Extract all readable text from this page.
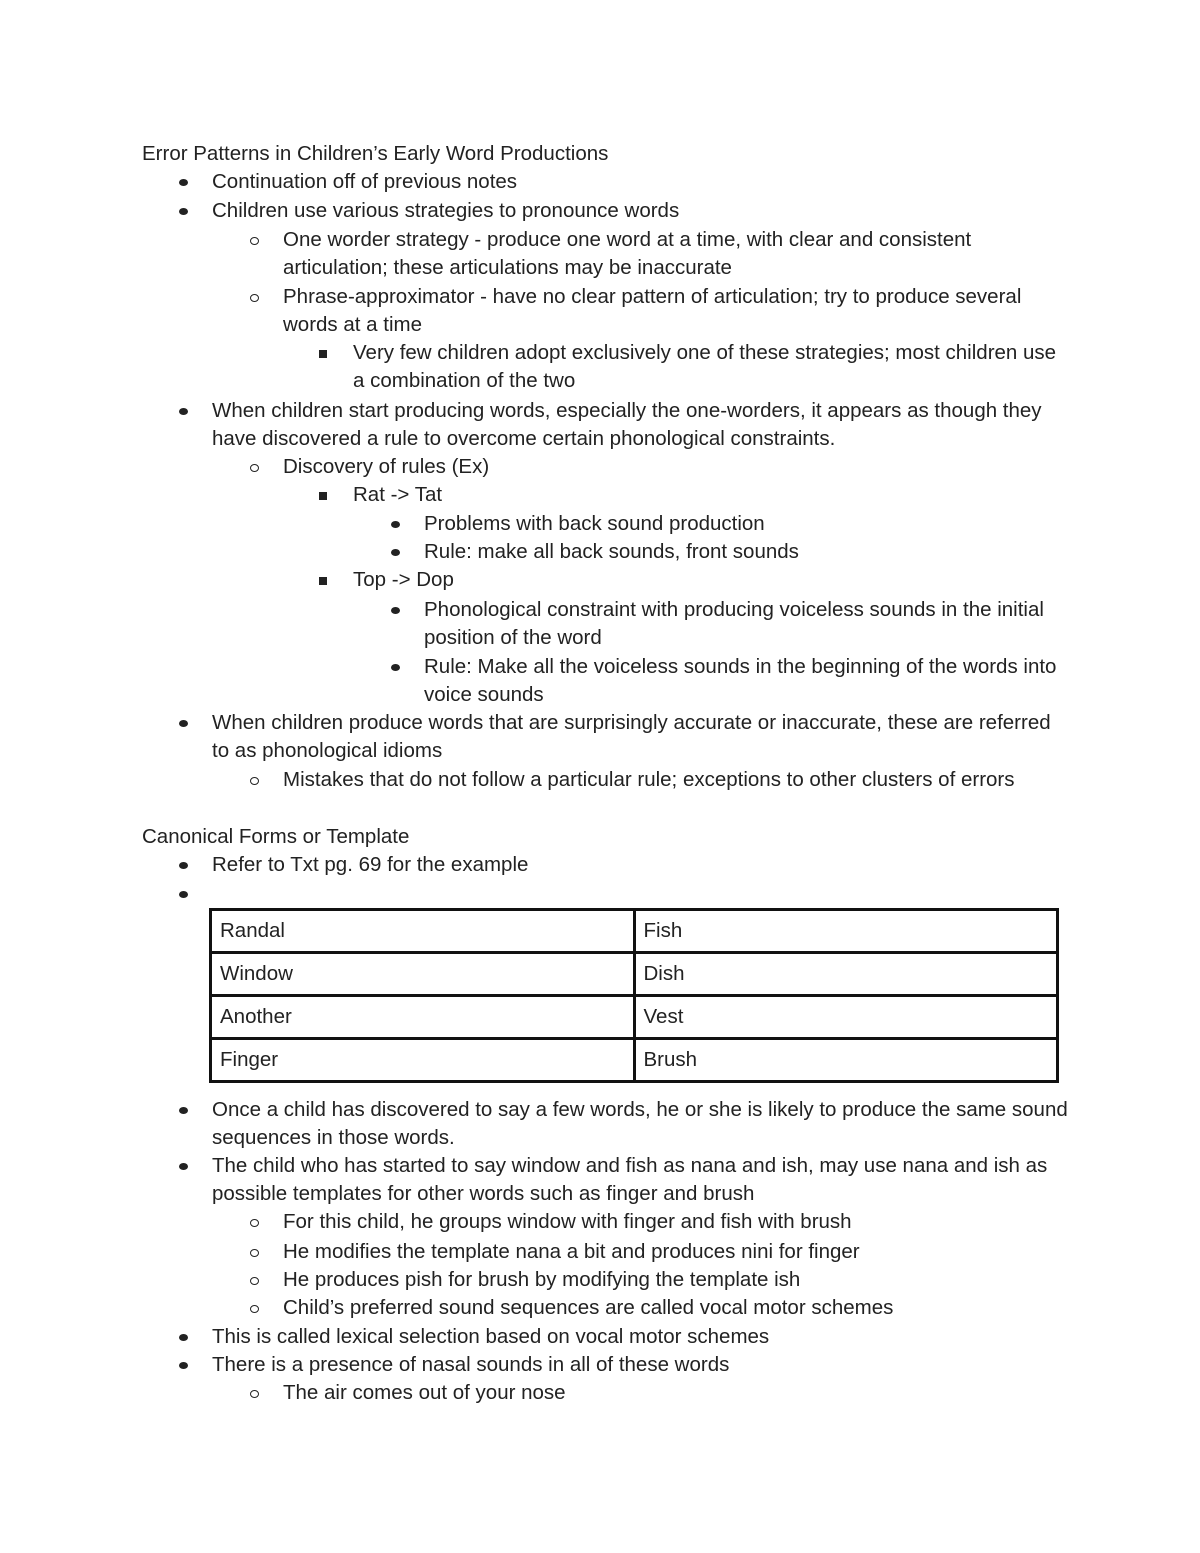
Error Patterns in Children’s Early Word Productions
Continuation off of previous notes
Children use various strategies to pronounce words
One worder strategy - produce one word at a time, with clear and consistent articulation; these articulations may be inaccurate
Phrase-approximator - have no clear pattern of articulation; try to produce several words at a time
Very few children adopt exclusively one of these strategies; most children use a combination of the two
When children start producing words, especially the one-worders, it appears as though they have discovered a rule to overcome certain phonological constraints.
Discovery of rules (Ex)
Rat -> Tat
Problems with back sound production
Rule: make all back sounds, front sounds
Top -> Dop
Phonological constraint with producing voiceless sounds in the initial position of the word
Rule: Make all the voiceless sounds in the beginning of the words into voice sounds
When children produce words that are surprisingly accurate or inaccurate, these are referred to as phonological idioms
Mistakes that do not follow a particular rule; exceptions to other clusters of errors
Canonical Forms or Template
Refer to Txt pg. 69 for the example
Randal	Fish
Window	Dish
Another	Vest
Finger	Brush
Once a child has discovered to say a few words, he or she is likely to produce the same sound sequences in those words.
The child who has started to say window and fish as nana and ish, may use nana and ish as possible templates for other words such as finger and brush
For this child, he groups window with finger and fish with brush
He modifies the template nana a bit and produces nini for finger
He produces pish for brush by modifying the template ish
Child’s preferred sound sequences are called vocal motor schemes
This is called lexical selection based on vocal motor schemes
There is a presence of nasal sounds in all of these words
The air comes out of your nose
